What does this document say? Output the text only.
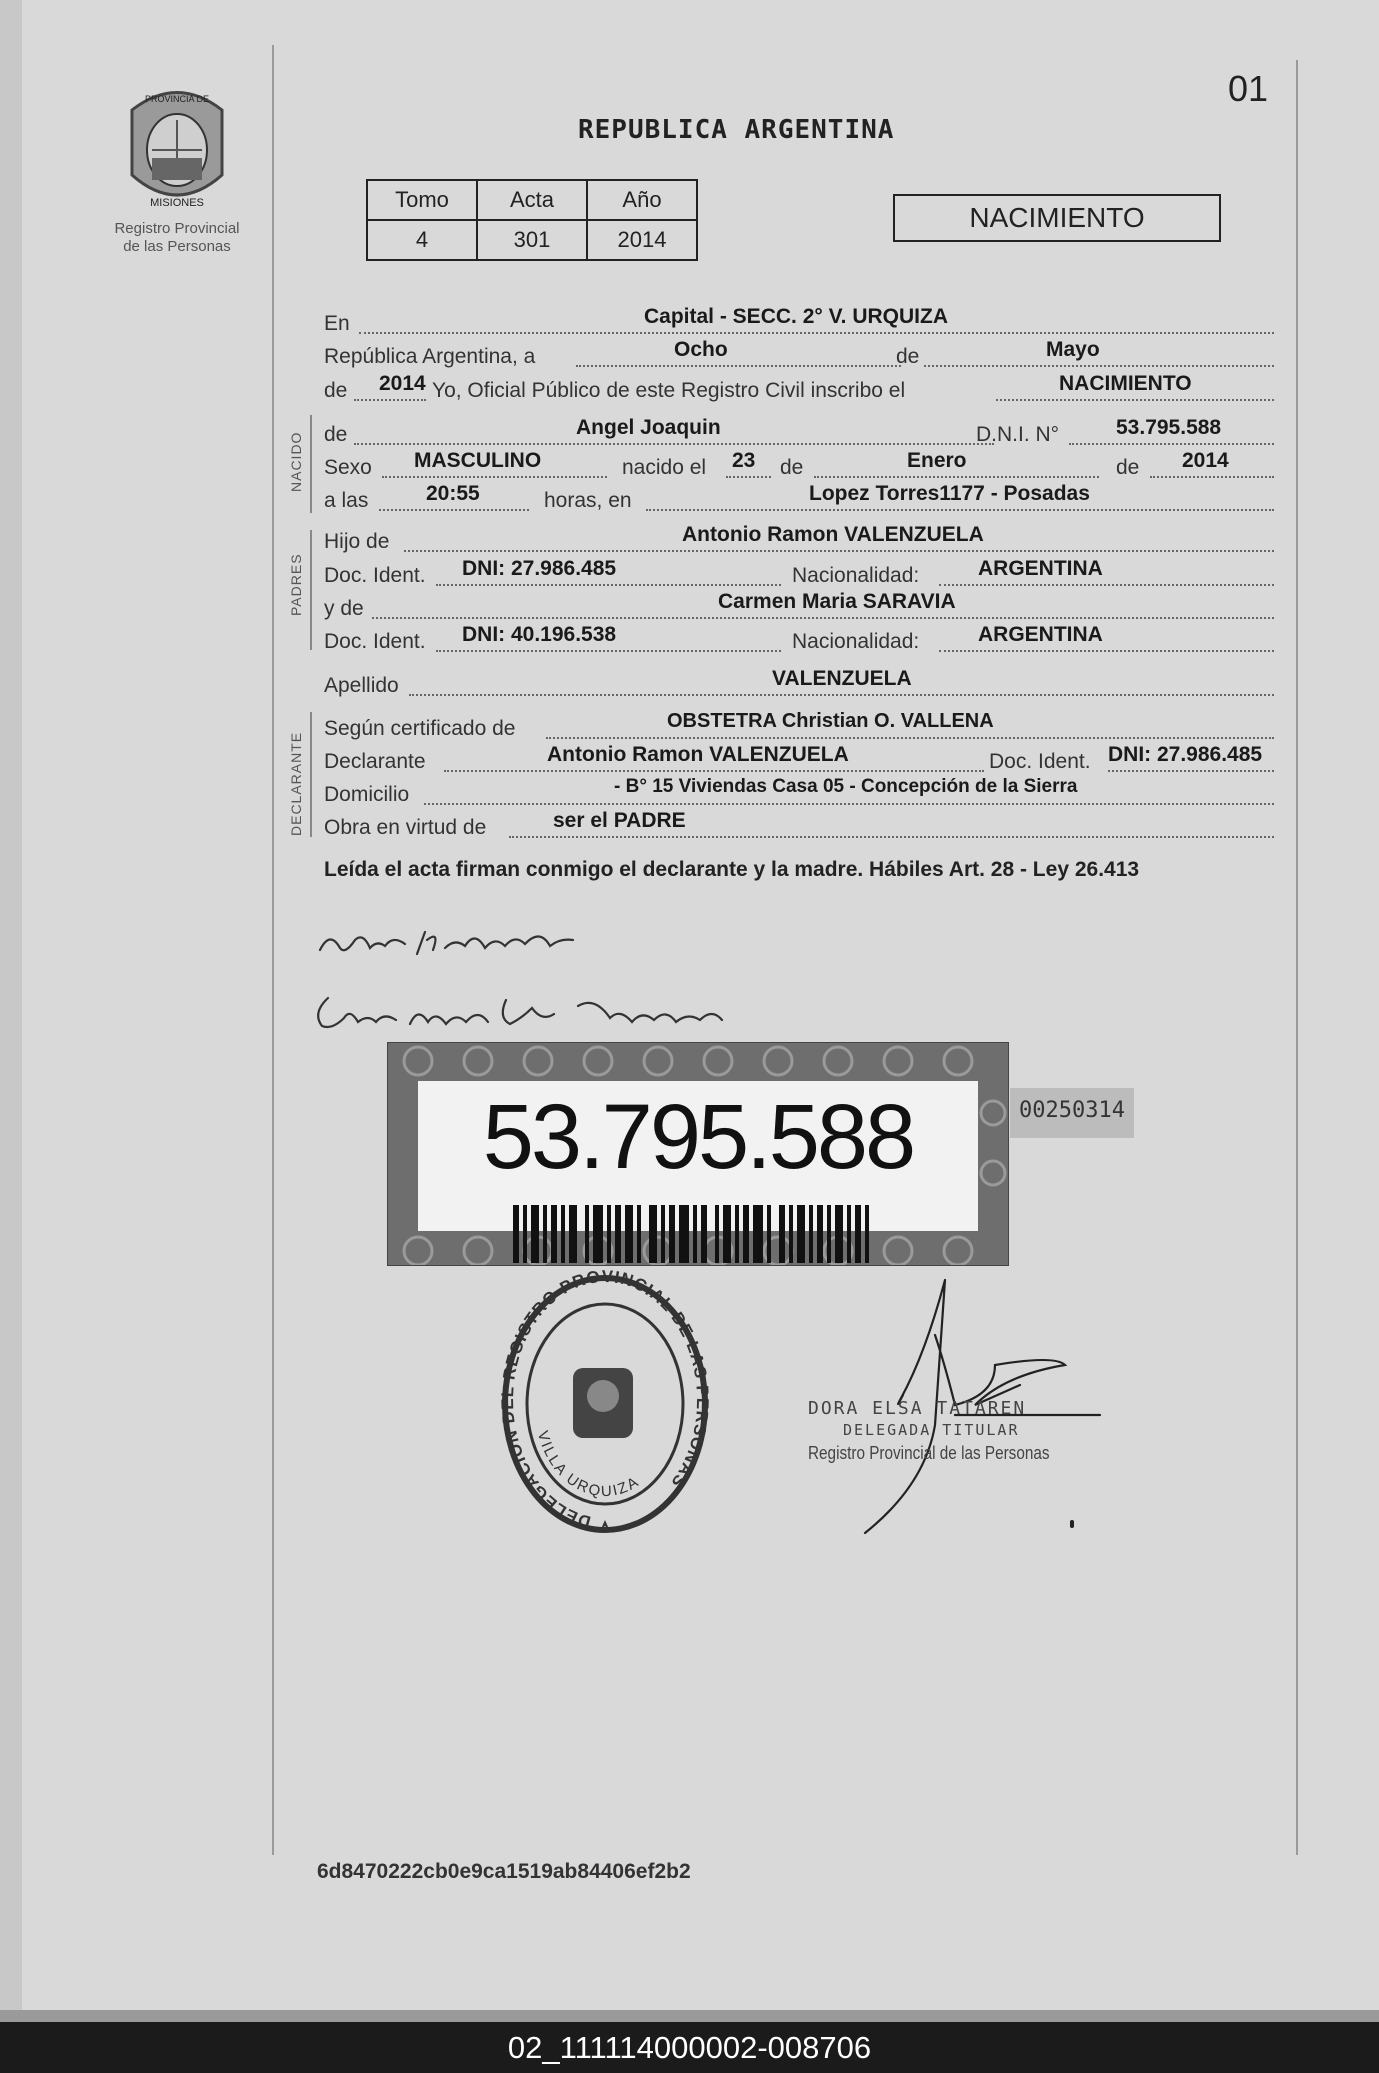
PROVINCIA DE
MISIONES
Registro Provincial
de las Personas
01
REPUBLICA ARGENTINA
Tomo	Acta	Año
4	301	2014
NACIMIENTO
En	Capital - SECC. 2° V. URQUIZA
República Argentina, a	Ocho	de	Mayo
de 2014 Yo, Oficial Público de este Registro Civil inscribo el	NACIMIENTO
NACIDO de	Angel Joaquin	D.N.I. N°	53.795.588
Sexo MASCULINO	nacido el 23 de	Enero	de 2014
a las	20:55	horas, en	Lopez Torres1177 - Posadas
PADRES
Hijo de	Antonio Ramon VALENZUELA
Doc. Ident. DNI: 27.986.485	Nacionalidad:	ARGENTINA
y de	Carmen Maria SARAVIA
Doc. Ident. DNI: 40.196.538	Nacionalidad:	ARGENTINA
Apellido	VALENZUELA
DECLARANTE
Según certificado de	OBSTETRA Christian O. VALLENA
Declarante	Antonio Ramon VALENZUELA	Doc. Ident. DNI: 27.986.485
Domicilio	- B° 15 Viviendas Casa 05 - Concepción de la Sierra
Obra en virtud de	ser el PADRE
Leída el acta firman conmigo el declarante y la madre. Hábiles Art. 28 - Ley 26.413
53.795.588	00250314
DELEGACION DEL REGISTRO PROVINCIAL DE LAS PERSONAS
VILLA URQUIZA
DORA ELSA TATAREN
DELEGADA TITULAR
Registro Provincial de las Personas
6d8470222cb0e9ca1519ab84406ef2b2
02_111114000002-008706
